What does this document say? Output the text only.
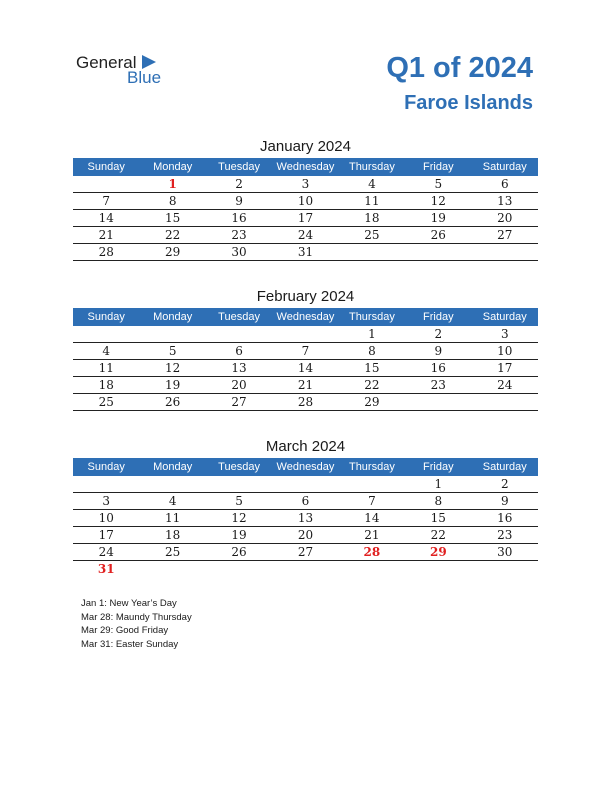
General
Blue	Q1 of 2024
Faroe Islands
January 2024
Sunday	Monday	Tuesday	Wednesday	Thursday	Friday	Saturday
	1	2	3	4	5	6
7	8	9	10	11	12	13
14	15	16	17	18	19	20
21	22	23	24	25	26	27
28	29	30	31			
February 2024
Sunday	Monday	Tuesday	Wednesday	Thursday	Friday	Saturday
				1	2	3
4	5	6	7	8	9	10
11	12	13	14	15	16	17
18	19	20	21	22	23	24
25	26	27	28	29		
March 2024
Sunday	Monday	Tuesday	Wednesday	Thursday	Friday	Saturday
					1	2
3	4	5	6	7	8	9
10	11	12	13	14	15	16
17	18	19	20	21	22	23
24	25	26	27	28	29	30
31						
Jan 1: New Year’s Day
Mar 28: Maundy Thursday
Mar 29: Good Friday
Mar 31: Easter Sunday
